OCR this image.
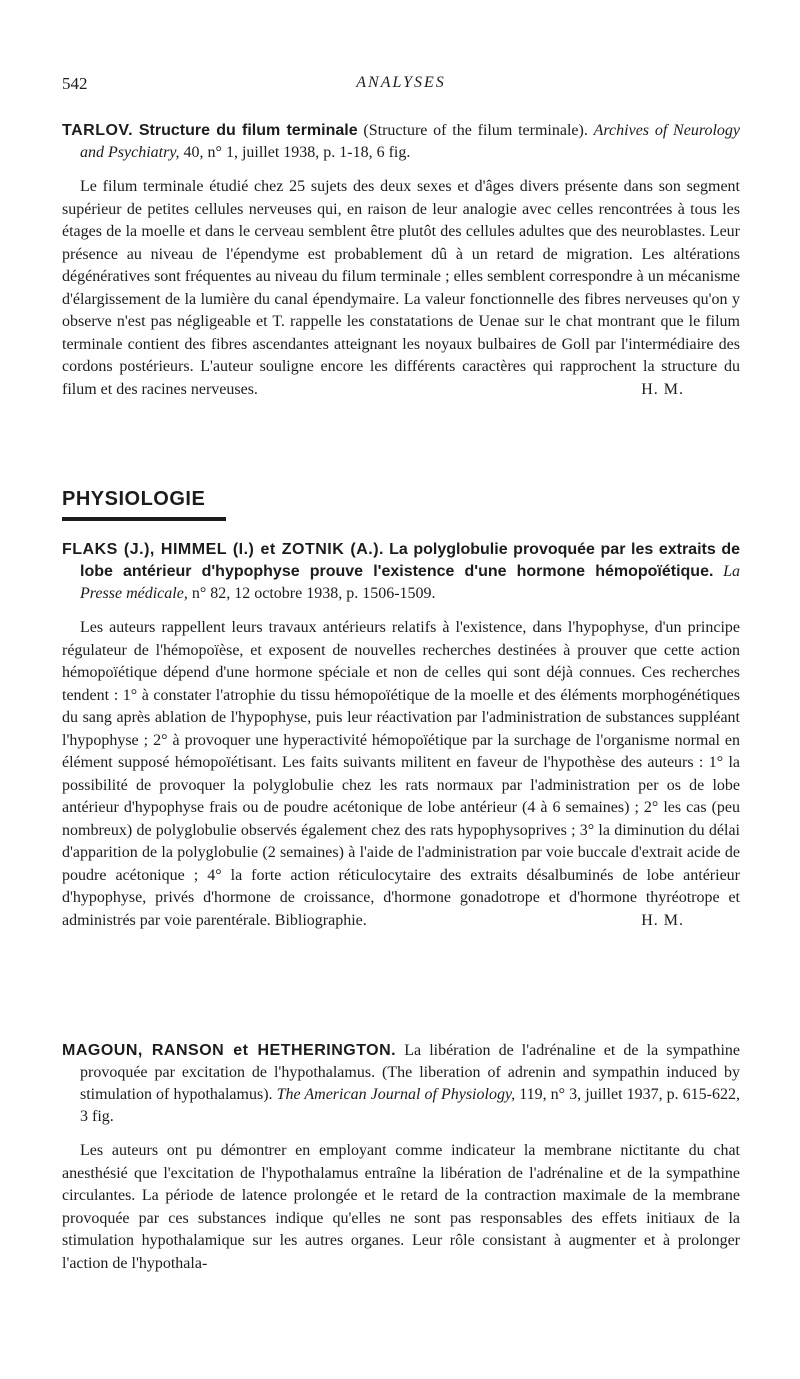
542	ANALYSES
TARLOV. Structure du filum terminale (Structure of the filum terminale). Archives of Neurology and Psychiatry, 40, n° 1, juillet 1938, p. 1-18, 6 fig.
Le filum terminale étudié chez 25 sujets des deux sexes et d'âges divers présente dans son segment supérieur de petites cellules nerveuses qui, en raison de leur analogie avec celles rencontrées à tous les étages de la moelle et dans le cerveau semblent être plutôt des cellules adultes que des neuroblastes. Leur présence au niveau de l'épendyme est probablement dû à un retard de migration. Les altérations dégénératives sont fréquentes au niveau du filum terminale ; elles semblent correspondre à un mécanisme d'élargissement de la lumière du canal épendymaire. La valeur fonctionnelle des fibres nerveuses qu'on y observe n'est pas négligeable et T. rappelle les constatations de Uenae sur le chat montrant que le filum terminale contient des fibres ascendantes atteignant les noyaux bulbaires de Goll par l'intermédiaire des cordons postérieurs. L'auteur souligne encore les différents caractères qui rapprochent la structure du filum et des racines nerveuses.	H. M.
PHYSIOLOGIE
FLAKS (J.), HIMMEL (I.) et ZOTNIK (A.). La polyglobulie provoquée par les extraits de lobe antérieur d'hypophyse prouve l'existence d'une hormone hémopoïétique. La Presse médicale, n° 82, 12 octobre 1938, p. 1506-1509.
Les auteurs rappellent leurs travaux antérieurs relatifs à l'existence, dans l'hypophyse, d'un principe régulateur de l'hémopoïèse, et exposent de nouvelles recherches destinées à prouver que cette action hémopoïétique dépend d'une hormone spéciale et non de celles qui sont déjà connues. Ces recherches tendent : 1° à constater l'atrophie du tissu hémopoïétique de la moelle et des éléments morphogénétiques du sang après ablation de l'hypophyse, puis leur réactivation par l'administration de substances suppléant l'hypophyse ; 2° à provoquer une hyperactivité hémopoïétique par la surchage de l'organisme normal en élément supposé hémopoïétisant. Les faits suivants militent en faveur de l'hypothèse des auteurs : 1° la possibilité de provoquer la polyglobulie chez les rats normaux par l'administration per os de lobe antérieur d'hypophyse frais ou de poudre acétonique de lobe antérieur (4 à 6 semaines) ; 2° les cas (peu nombreux) de polyglobulie observés également chez des rats hypophysoprives ; 3° la diminution du délai d'apparition de la polyglobulie (2 semaines) à l'aide de l'administration par voie buccale d'extrait acide de poudre acétonique ; 4° la forte action réticulocytaire des extraits désalbuminés de lobe antérieur d'hypophyse, privés d'hormone de croissance, d'hormone gonadotrope et d'hormone thyréotrope et administrés par voie parentérale. Bibliographie.	H. M.
MAGOUN, RANSON et HETHERINGTON. La libération de l'adrénaline et de la sympathine provoquée par excitation de l'hypothalamus. (The liberation of adrenin and sympathin induced by stimulation of hypothalamus). The American Journal of Physiology, 119, n° 3, juillet 1937, p. 615-622, 3 fig.
Les auteurs ont pu démontrer en employant comme indicateur la membrane nictitante du chat anesthésié que l'excitation de l'hypothalamus entraîne la libération de l'adrénaline et de la sympathine circulantes. La période de latence prolongée et le retard de la contraction maximale de la membrane provoquée par ces substances indique qu'elles ne sont pas responsables des effets initiaux de la stimulation hypothalamique sur les autres organes. Leur rôle consistant à augmenter et à prolonger l'action de l'hypothala-
